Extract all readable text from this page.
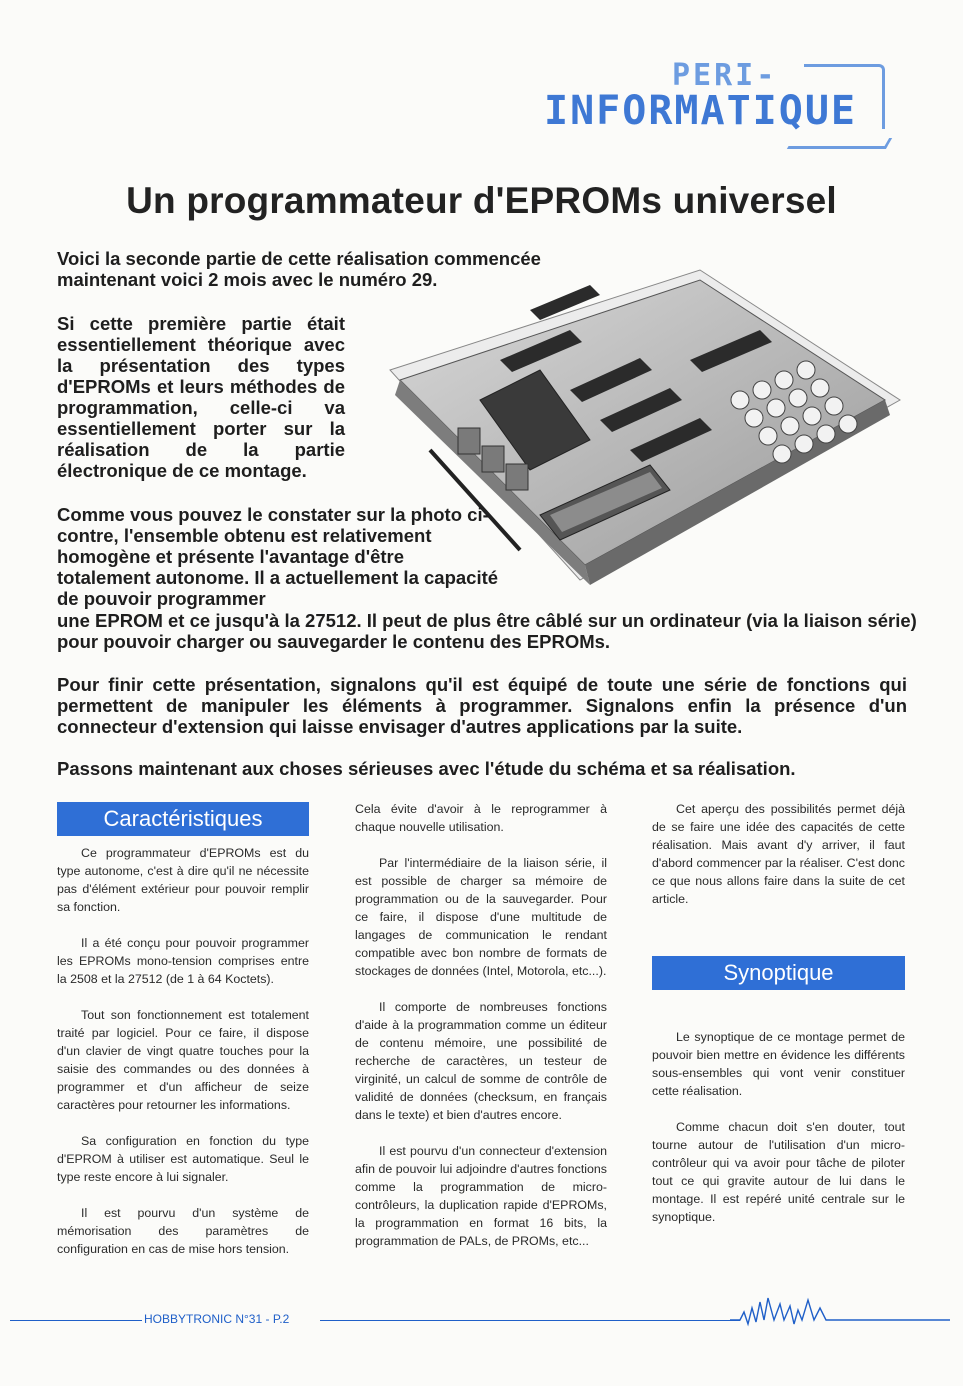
PERI-
INFORMATIQUE
Un programmateur d'EPROMs universel

Voici la seconde partie de cette réalisation commencée maintenant voici 2 mois avec le numéro 29.

Si cette première partie était essentiellement théorique avec la présentation des types d'EPROMs et leurs méthodes de programmation, celle-ci va essentiellement porter sur la réalisation de la partie électronique de ce montage.

Comme vous pouvez le constater sur la photo ci-contre, l'ensemble obtenu est relativement homogène et présente l'avantage d'être totalement autonome. Il a actuellement la capacité de pouvoir programmer

une EPROM et ce jusqu'à la 27512. Il peut de plus être câblé sur un ordinateur (via la liaison série) pour pouvoir charger ou sauvegarder le contenu des EPROMs.

Pour finir cette présentation, signalons qu'il est équipé de toute une série de fonctions qui permettent de manipuler les éléments à programmer. Signalons enfin la présence d'un connecteur d'extension qui laisse envisager d'autres applications par la suite.

Passons maintenant aux choses sérieuses avec l'étude du schéma et sa réalisation.

Caractéristiques

Ce programmateur d'EPROMs est du type autonome, c'est à dire qu'il ne nécessite pas d'élément extérieur pour pouvoir remplir sa fonction.

Il a été conçu pour pouvoir programmer les EPROMs mono-tension comprises entre la 2508 et la 27512 (de 1 à 64 Koctets).

Tout son fonctionnement est totalement traité par logiciel. Pour ce faire, il dispose d'un clavier de vingt quatre touches pour la saisie des commandes ou des données à programmer et d'un afficheur de seize caractères pour retourner les informations.

Sa configuration en fonction du type d'EPROM à utiliser est automatique. Seul le type reste encore à lui signaler.

Il est pourvu d'un système de mémorisation des paramètres de configuration en cas de mise hors tension.

Cela évite d'avoir à le reprogrammer à chaque nouvelle utilisation.

Par l'intermédiaire de la liaison série, il est possible de charger sa mémoire de programmation ou de la sauvegarder. Pour ce faire, il dispose d'une multitude de langages de communication le rendant compatible avec bon nombre de formats de stockages de données (Intel, Motorola, etc...).

Il comporte de nombreuses fonctions d'aide à la programmation comme un éditeur de contenu mémoire, une possibilité de recherche de caractères, un testeur de virginité, un calcul de somme de contrôle de validité de données (checksum, en français dans le texte) et bien d'autres encore.

Il est pourvu d'un connecteur d'extension afin de pouvoir lui adjoindre d'autres fonctions comme la programmation de micro-contrôleurs, la duplication rapide d'EPROMs, la programmation en format 16 bits, la programmation de PALs, de PROMs, etc...

Cet aperçu des possibilités permet déjà de se faire une idée des capacités de cette réalisation. Mais avant d'y arriver, il faut d'abord commencer par la réaliser. C'est donc ce que nous allons faire dans la suite de cet article.

Synoptique

Le synoptique de ce montage permet de pouvoir bien mettre en évidence les différents sous-ensembles qui vont venir constituer cette réalisation.

Comme chacun doit s'en douter, tout tourne autour de l'utilisation d'un micro-contrôleur qui va avoir pour tâche de piloter tout ce qui gravite autour de lui dans le montage. Il est repéré unité centrale sur le synoptique.

HOBBYTRONIC N°31 - P.2
